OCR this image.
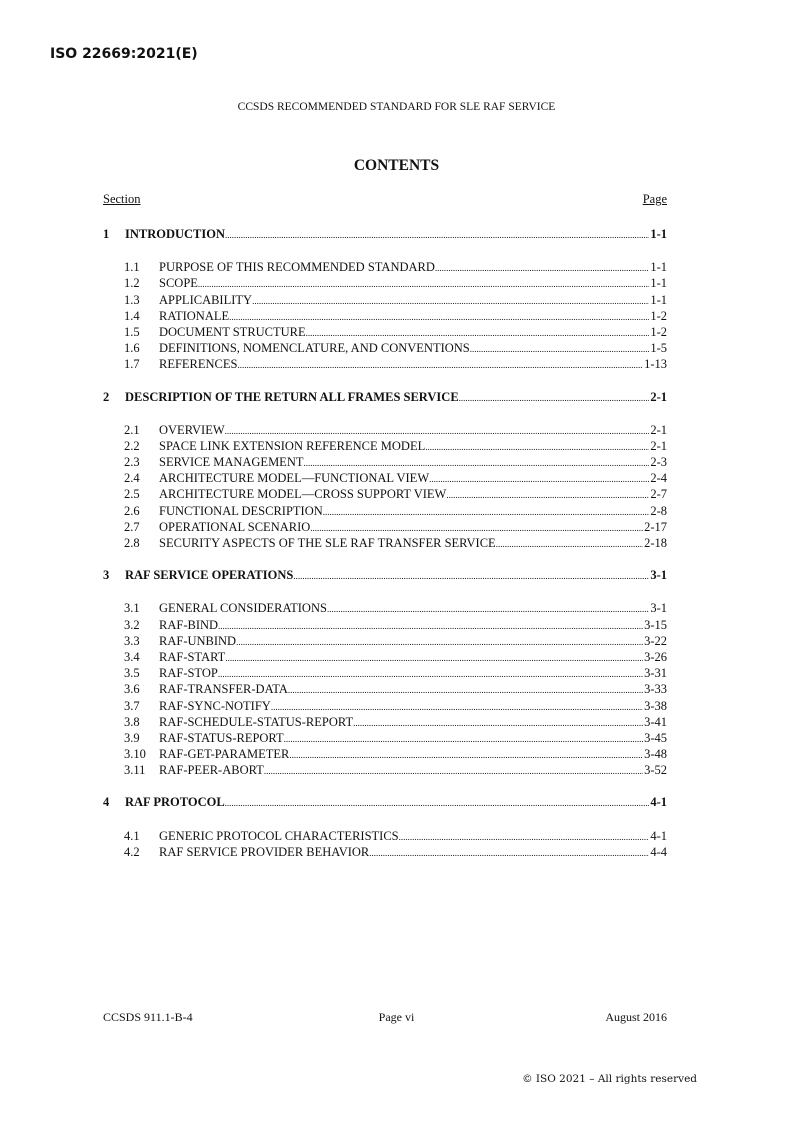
ISO 22669:2021(E)
CCSDS RECOMMENDED STANDARD FOR SLE RAF SERVICE
CONTENTS
Section	Page
1	INTRODUCTION .....	1-1
1.1	PURPOSE OF THIS RECOMMENDED STANDARD .....	1-1
1.2	SCOPE .....	1-1
1.3	APPLICABILITY .....	1-1
1.4	RATIONALE .....	1-2
1.5	DOCUMENT STRUCTURE .....	1-2
1.6	DEFINITIONS, NOMENCLATURE, AND CONVENTIONS .....	1-5
1.7	REFERENCES .....	1-13
2	DESCRIPTION OF THE RETURN ALL FRAMES SERVICE .....	2-1
2.1	OVERVIEW .....	2-1
2.2	SPACE LINK EXTENSION REFERENCE MODEL .....	2-1
2.3	SERVICE MANAGEMENT .....	2-3
2.4	ARCHITECTURE MODEL—FUNCTIONAL VIEW .....	2-4
2.5	ARCHITECTURE MODEL—CROSS SUPPORT VIEW .....	2-7
2.6	FUNCTIONAL DESCRIPTION .....	2-8
2.7	OPERATIONAL SCENARIO .....	2-17
2.8	SECURITY ASPECTS OF THE SLE RAF TRANSFER SERVICE .....	2-18
3	RAF SERVICE OPERATIONS .....	3-1
3.1	GENERAL CONSIDERATIONS .....	3-1
3.2	RAF-BIND .....	3-15
3.3	RAF-UNBIND .....	3-22
3.4	RAF-START .....	3-26
3.5	RAF-STOP .....	3-31
3.6	RAF-TRANSFER-DATA .....	3-33
3.7	RAF-SYNC-NOTIFY .....	3-38
3.8	RAF-SCHEDULE-STATUS-REPORT .....	3-41
3.9	RAF-STATUS-REPORT .....	3-45
3.10	RAF-GET-PARAMETER .....	3-48
3.11	RAF-PEER-ABORT .....	3-52
4	RAF PROTOCOL .....	4-1
4.1	GENERIC PROTOCOL CHARACTERISTICS .....	4-1
4.2	RAF SERVICE PROVIDER BEHAVIOR .....	4-4
CCSDS 911.1-B-4	Page vi	August 2016
© ISO 2021 – All rights reserved
